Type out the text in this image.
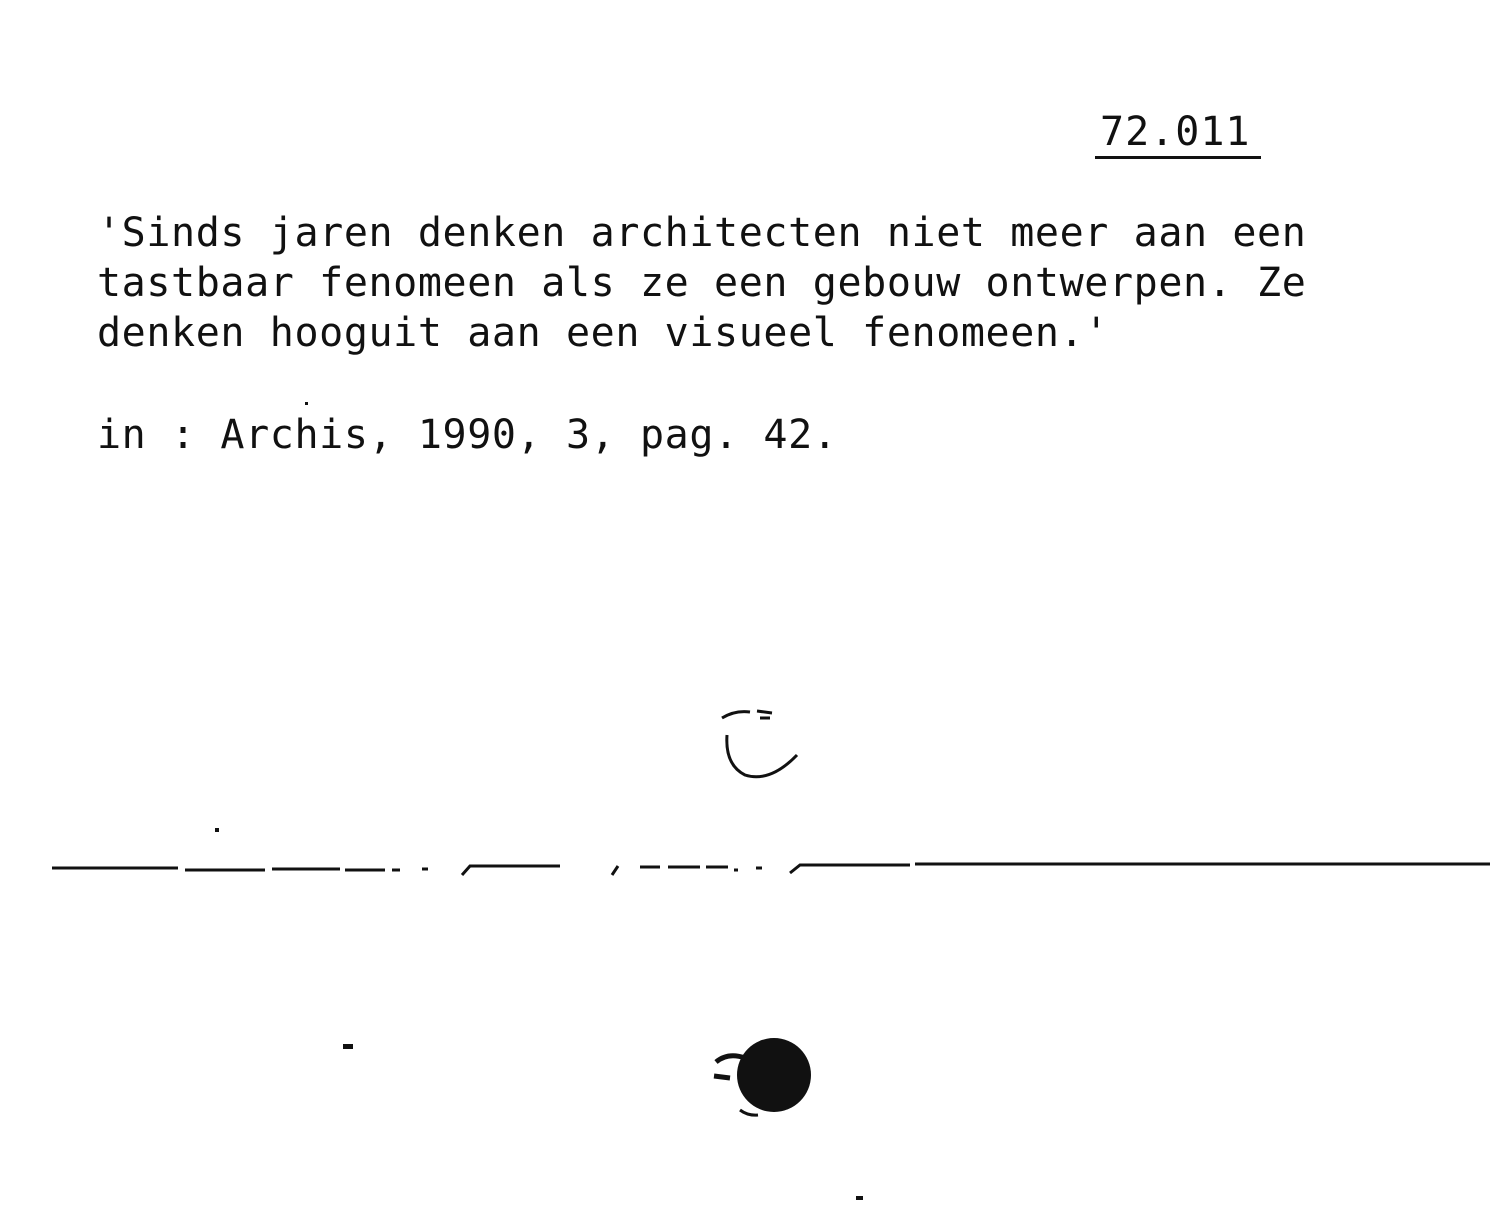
72.011
'Sinds jaren denken architecten niet meer aan een
tastbaar fenomeen als ze een gebouw ontwerpen. Ze
denken hooguit aan een visueel fenomeen.'
in : Archis, 1990, 3, pag. 42.
